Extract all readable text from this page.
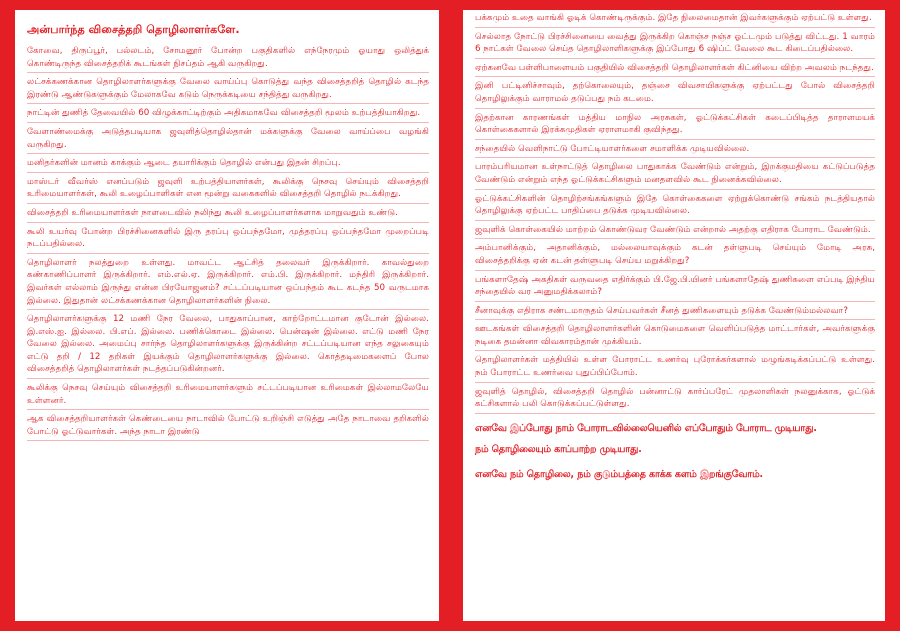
அன்பார்ந்த விசைத்தறி தொழிலாளர்களே.
கோவை, திருப்பூர், பல்லடம், சோமனூர் போன்ற பகுதிகளில் எந்நேரமும் ஓயாது ஒலித்துக் கொண்டிருந்த விசைத்தறிக் கூடங்கள் நிசப்தம் ஆகி வருகிறது.
லட்சக்கணக்கான தொழிலாளர்களுக்கு வேலை வாய்ப்பு கொடுத்து வந்த விசைத்தறித் தொழில் கடந்த இரண்டு ஆண்டுகளுக்கும் மேலாகவே கடும் நெருக்கடியை சந்தித்து வருகிறது.
நாட்டின் துணித் தேவையில் 60 விழுக்காட்டிற்கும் அதிகமாகவே விசைத்தறி மூலம் உற்பத்தியாகிறது.
வேளாண்மைக்கு அடுத்தபடியாக ஜவுளித்தொழில்தான் மக்களுக்கு வேலை வாய்ப்பை வழங்கி வருகிறது.
மனிதர்களின் மானம் காக்கும் ஆடை தயாரிக்கும் தொழில் என்பது இதன் சிறப்பு.
மாஸ்டர் வீவர்ஸ் எனப்படும் ஜவுளி உற்பத்தியாளர்கள், கூலிக்கு நெசவு செய்யும் விசைத்தறி உரிமையாளர்கள், கூலி உழைப்பாளிகள் என மூன்று வகைகளில் விசைத்தறி தொழில் நடக்கிறது.
விசைத்தறி உரிமையாளர்கள் நாளடைவில் நலிந்து கூலி உழைப்பாளர்களாக மாறுவதும் உண்டு.
கூலி உயர்வு போன்ற பிரச்சினைகளில் இரு தரப்பு ஒப்பந்தமோ, முத்தரப்பு ஒப்பந்தமோ முறைப்படி நடப்பதில்லை.
தொழிலாளர் நலத்துறை உள்ளது. மாவட்ட ஆட்சித் தலைவர் இருக்கிறார். காவல்துறை கண்காணிப்பாளர் இருக்கிறார். எம்.எல்.ஏ. இருக்கிறார். எம்.பி. இருக்கிறார். மந்திரி இருக்கிறார். இவர்கள் எல்லாம் இருந்து என்ன பிரயோஜனம்? சட்டப்படியான ஒப்பந்தம் கூட கடந்த 50 வருடமாக இல்லை. இதுதான் லட்சக்கணக்கான தொழிலாளர்களின் நிலை.
தொழிலாளர்களுக்கு 12 மணி நேர வேலை, பாதுகாப்பான, காற்றோட்டமான குடோன் இல்லை. இ.எஸ்.ஐ. இல்லை. பி.எப். இல்லை. பணிக்கொடை இல்லை. பென்ஷன் இல்லை. எட்டு மணி நேர வேலை இல்லை. அமைப்பு சார்ந்த தொழிலாளர்களுக்கு இருக்கின்ற சட்டப்படியான எந்த சலுகையும் எட்டு தறி / 12 தறிகள் இயக்கும் தொழிலாளர்களுக்கு இல்லை. கொத்தடிமைகளைப் போல விசைத்தறித் தொழிலாளர்கள் நடத்தப்படுகின்றனர்.
கூலிக்கு நெசவு செய்யும் விசைத்தறி உரிமையாளர்களும் சட்டப்படியான உரிமைகள் இல்லாமலேயே உள்ளனர்.
ஆக விசைத்தறியாளர்கள் கெண்டையை நாடாவில் போட்டு உறிஞ்சி எடுத்து அதே நாடாவை தறிகளில் போட்டு ஓட்டுவார்கள். அந்த நாடா இரண்டு
பக்கமும் உதை வாங்கி ஓடிக் கொண்டிருக்கும். இதே நிலைமைதான் இவர்களுக்கும் ஏற்பட்டு உள்ளது.
செல்லாத நோட்டு பிரச்சினையை வைத்து இருக்கிற கொஞ்ச நஞ்ச ஓட்டமும் படுத்து விட்டது. 1 வாரம் 6 நாட்கள் வேலை செய்த தொழிலாளிகளுக்கு இப்போது 6 ஷிப்ட் வேலை கூட கிடைப்பதில்லை.
ஏற்கனவே பள்ளிபாளையம் பகுதியில் விசைத்தறி தொழிலாளர்கள் கிட்னியை விற்ற அவலம் நடந்தது.
இனி பட்டினிச்சாவும், தற்கொலையும், தஞ்சை விவசாயிகளுக்கு ஏற்பட்டது போல் விசைத்தறி தொழிலுக்கும் வாராமல் தடுப்பது நம் கடமை.
இதற்கான காரணங்கள் மத்திய மாநில அரசுகள், ஓட்டுக்கட்சிகள் கடைப்பிடித்த தாராளமயக் கொள்கைகளால் இரக்கமுதிகள் ஏராளமாகி குவிந்தது.
சந்தையில் வெளிநாட்டு போட்டியாளர்களை சமாளிக்க முடியவில்லை.
பாரம்பரியமான உள்நாட்டுத் தொழிலை பாதுகாக்க வேண்டும் என்றும், இறக்குமதியை கட்டுப்படுத்த வேண்டும் என்றும் எந்த ஓட்டுக்கட்சிகளும் மனதளவில் கூட நினைக்கவில்லை.
ஓட்டுக்கட்சிகளின் தொழிற்சங்கங்களும் இதே கொள்கைகளை ஏற்றுக்கொண்டு சங்கம் நடத்தியதால் தொழிலுக்கு ஏற்பட்ட பாதிப்பை தடுக்க முடியவில்லை.
ஜவுளிக் கொள்கையில் மாற்றம் கொண்டுவர வேண்டும் என்றால் அதற்கு எதிராக போராட வேண்டும்.
அம்பானிக்கும், அதானிக்கும், மல்லையாவுக்கும் கடன் தள்ளுபடி செய்யும் மோடி அரசு, விசைத்தறிக்கு ஏன் கடன் தள்ளுபடி செய்ய மறுக்கிறது?
பங்களாதேஷ் அகதிகள் வருவதை எதிர்க்கும் பி.ஜே.பி.யினர் பங்களாதேஷ் துணிகளை எப்படி இந்திய சந்தையில் வர அனுமதிக்கலாம்?
சீனாவுக்கு எதிராக சண்டமாருதம் செய்பவர்கள் சீனத் துணிகளையும் தடுக்க வேண்டும்மல்லவா?
ஊடகங்கள் விசைத்தறி தொழிலாளர்களின் கொடுமைகளை வெளிப்படுத்த மாட்டார்கள், அவர்களுக்கு நடிகை தமன்னா விவகாரம்தான் முக்கியம்.
தொழிலாளர்கள் மத்தியில் உள்ள போராட்ட உணர்வு புரோக்கர்களால் மழுங்கடிக்கப்பட்டு உள்ளது. நம் போராட்ட உணர்வை புதுப்பிப்போம்.
ஜவுளித் தொழில், விசைத்தறி தொழில் பன்னாட்டு கார்ப்பரேட் முதலாளிகள் நலனுக்காக, ஓட்டுக் கட்சிகளால் பலி கொடுக்கப்பட்டுள்ளது.
எனவே இப்போது நாம் போராடவில்லையெனில் எப்போதும் போராட முடியாது.
நம் தொழிலையும் காப்பாற்ற முடியாது.
எனவே நம் தொழிலை, நம் குடும்பத்தை காக்க களம் இறங்குவோம்.
